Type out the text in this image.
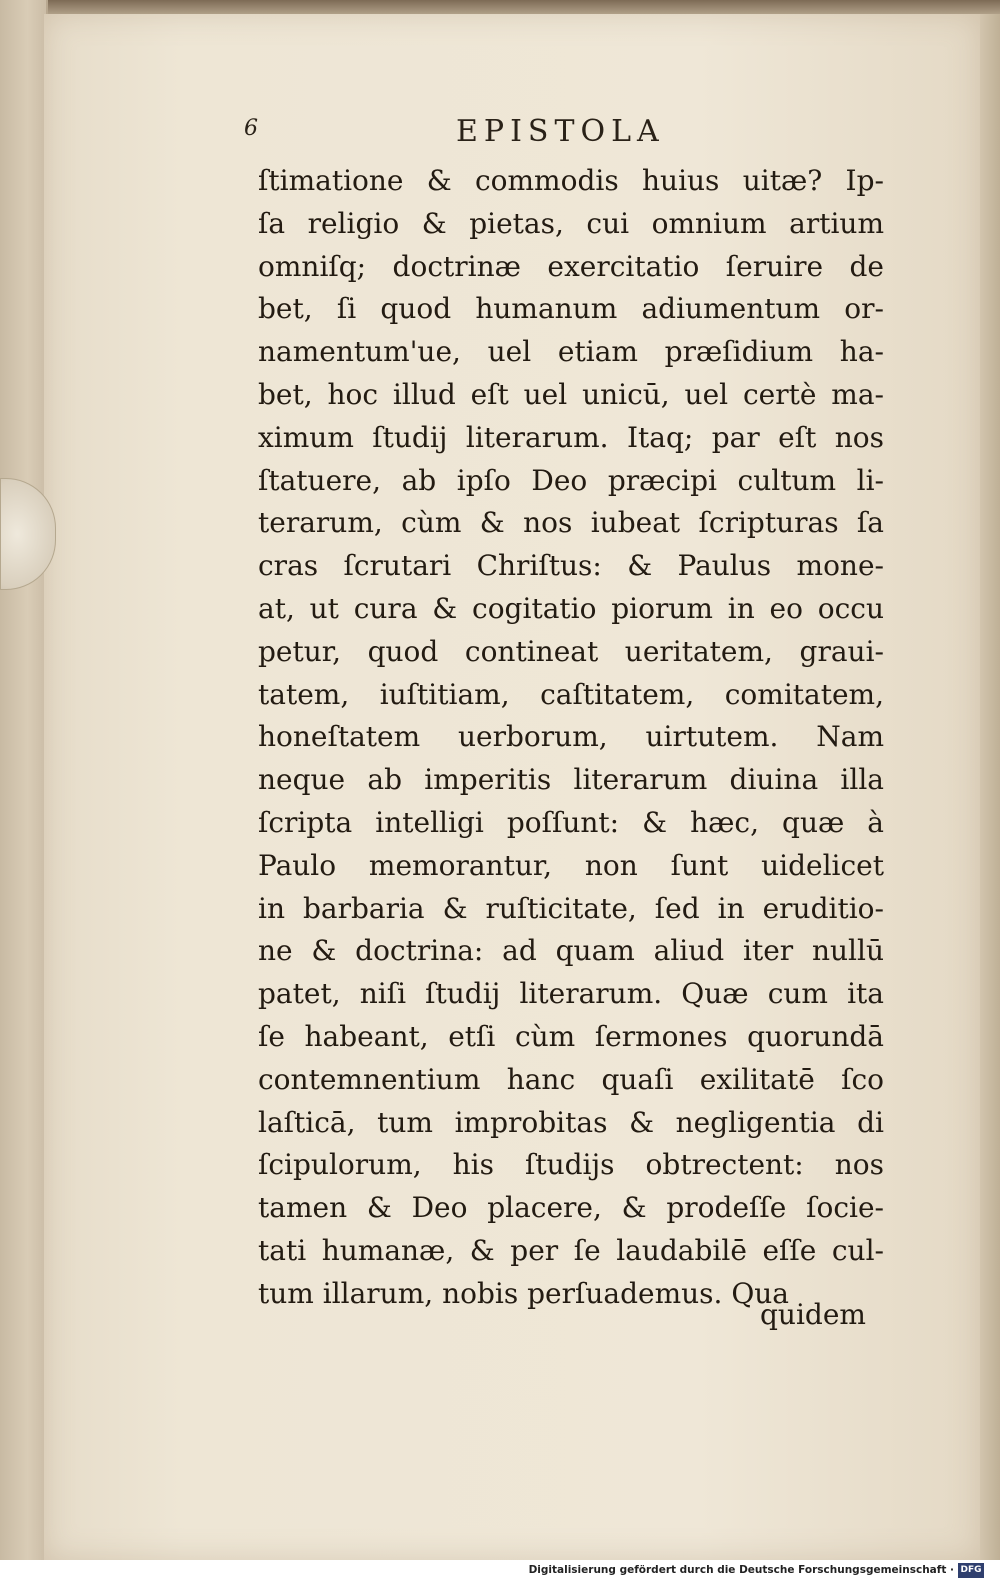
6	EPISTOLA
ſtimatione & commodis huius uitæ? Ip-
ſa religio & pietas, cui omnium artium
omniſq; doctrinæ exercitatio ſeruire de
bet, ſi quod humanum adiumentum or-
namentum'ue, uel etiam præſidium ha-
bet, hoc illud eſt uel unicū, uel certè ma-
ximum ſtudij literarum. Itaq; par eſt nos
ſtatuere, ab ipſo Deo præcipi cultum li-
terarum, cùm & nos iubeat ſcripturas ſa
cras ſcrutari Chriſtus: & Paulus mone-
at, ut cura & cogitatio piorum in eo occu
petur, quod contineat ueritatem, graui-
tatem, iuſtitiam, caſtitatem, comitatem,
honeſtatem uerborum, uirtutem. Nam
neque ab imperitis literarum diuina illa
ſcripta intelligi poſſunt: & hæc, quæ à
Paulo memorantur, non ſunt uidelicet
in barbaria & ruſticitate, ſed in eruditio-
ne & doctrina: ad quam aliud iter nullū
patet, niſi ſtudij literarum. Quæ cum ita
ſe habeant, etſi cùm ſermones quorundā
contemnentium hanc quaſi exilitatē ſco
laſticā, tum improbitas & negligentia di
ſcipulorum, his ſtudijs obtrectent: nos
tamen & Deo placere, & prodeſſe ſocie-
tati humanæ, & per ſe laudabilē eſſe cul-
tum illarum, nobis perſuademus. Qua
quidem
Digitalisierung gefördert durch die Deutsche Forschungsgemeinschaft · DFG
